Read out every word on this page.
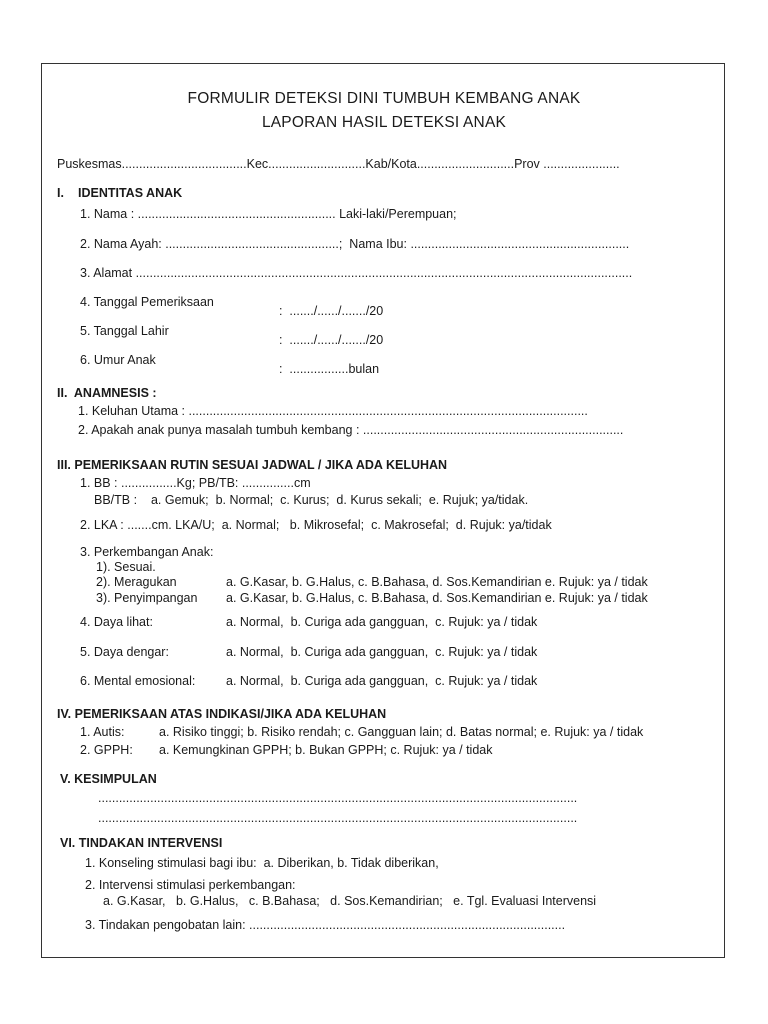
FORMULIR DETEKSI DINI TUMBUH KEMBANG ANAK
LAPORAN HASIL DETEKSI ANAK
Puskesmas....................................Kec............................Kab/Kota............................Prov ......................
I. IDENTITAS ANAK
1. Nama : ......................................................... Laki-laki/Perempuan;
2. Nama Ayah: ..................................................;  Nama Ibu: ...............................................................
3. Alamat ...............................................................................................................................................
4. Tanggal Pemeriksaan
:  ......./....../......./20
5. Tanggal Lahir
:  ......./....../......./20
6. Umur Anak
:  .................bulan
II.  ANAMNESIS :
1. Keluhan Utama : ...................................................................................................................
2. Apakah anak punya masalah tumbuh kembang : ...........................................................................
III. PEMERIKSAAN RUTIN SESUAI JADWAL / JIKA ADA KELUHAN
1. BB : ................Kg; PB/TB: ...............cm
BB/TB :    a. Gemuk;  b. Normal;  c. Kurus;  d. Kurus sekali;  e. Rujuk; ya/tidak.
2. LKA : .......cm. LKA/U;  a. Normal;   b. Mikrosefal;  c. Makrosefal;  d. Rujuk: ya/tidak
3. Perkembangan Anak:
1). Sesuai.
2). Meragukan	a. G.Kasar, b. G.Halus, c. B.Bahasa, d. Sos.Kemandirian e. Rujuk: ya / tidak
3). Penyimpangan a. G.Kasar, b. G.Halus, c. B.Bahasa, d. Sos.Kemandirian e. Rujuk: ya / tidak
4. Daya lihat:	a. Normal,  b. Curiga ada gangguan,  c. Rujuk: ya / tidak
5. Daya dengar:	a. Normal,  b. Curiga ada gangguan,  c. Rujuk: ya / tidak
6. Mental emosional: a. Normal,  b. Curiga ada gangguan,  c. Rujuk: ya / tidak
IV. PEMERIKSAAN ATAS INDIKASI/JIKA ADA KELUHAN
1. Autis:	a. Risiko tinggi; b. Risiko rendah; c. Gangguan lain; d. Batas normal; e. Rujuk: ya / tidak
2. GPPH: a. Kemungkinan GPPH; b. Bukan GPPH; c. Rujuk: ya / tidak
V. KESIMPULAN
..........................................................................................................................................
..........................................................................................................................................
VI. TINDAKAN INTERVENSI
1. Konseling stimulasi bagi ibu:  a. Diberikan, b. Tidak diberikan,
2. Intervensi stimulasi perkembangan:
a. G.Kasar,   b. G.Halus,   c. B.Bahasa;   d. Sos.Kemandirian;   e. Tgl. Evaluasi Intervensi
3. Tindakan pengobatan lain: ...........................................................................................
